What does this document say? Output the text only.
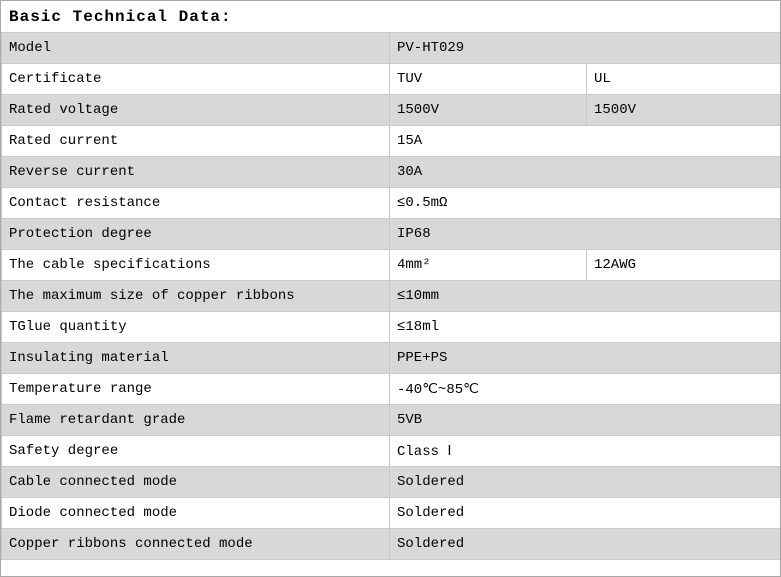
Basic Technical Data:
Model	PV-HT029	
Certificate	TUV	UL
Rated voltage	1500V	1500V
Rated current	15A	
Reverse current	30A	
Contact resistance	≤0.5mΩ	
Protection degree	IP68	
The cable specifications	4mm²	12AWG
The maximum size of copper ribbons	≤10mm	
TGlue quantity	≤18ml	
Insulating material	PPE+PS	
Temperature range	-40℃~85℃	
Flame retardant grade	5VB	
Safety degree	Class Ⅰ	
Cable connected mode	Soldered	
Diode connected mode	Soldered	
Copper ribbons connected mode	Soldered	
